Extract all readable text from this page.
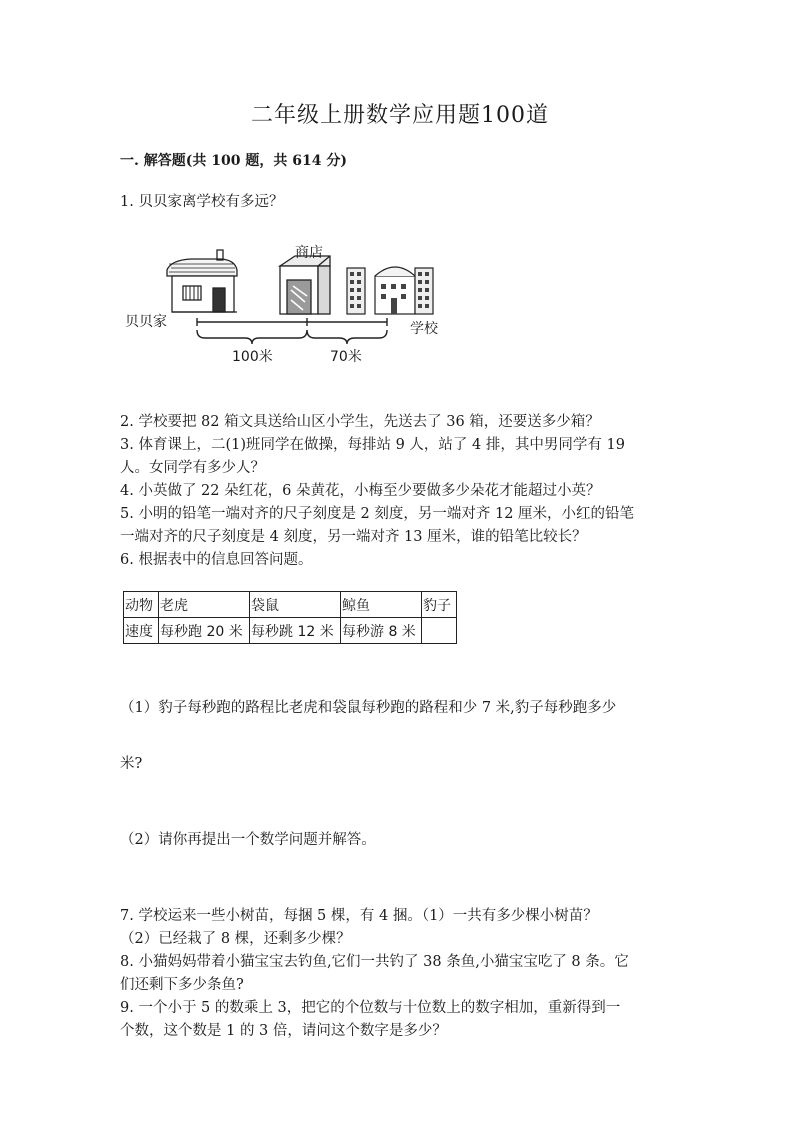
二年级上册数学应用题100道
一. 解答题(共 100 题，共 614 分)
1. 贝贝家离学校有多远？
贝贝家
商店
学校
100米	70米
2. 学校要把 82 箱文具送给山区小学生，先送去了 36 箱，还要送多少箱？
3. 体育课上，二(1)班同学在做操，每排站 9 人，站了 4 排，其中男同学有 19
人。女同学有多少人？
4. 小英做了 22 朵红花，6 朵黄花，小梅至少要做多少朵花才能超过小英？
5. 小明的铅笔一端对齐的尺子刻度是 2 刻度，另一端对齐 12 厘米，小红的铅笔
一端对齐的尺子刻度是 4 刻度，另一端对齐 13 厘米，谁的铅笔比较长？
6. 根据表中的信息回答问题。
动物	老虎	袋鼠	鲸鱼	豹子
速度	每秒跑 20 米	每秒跳 12 米	每秒游 8 米	
（1）豹子每秒跑的路程比老虎和袋鼠每秒跑的路程和少 7 米,豹子每秒跑多少
米?
（2）请你再提出一个数学问题并解答。
7. 学校运来一些小树苗，每捆 5 棵，有 4 捆。（1）一共有多少棵小树苗？
（2）已经栽了 8 棵，还剩多少棵？
8. 小猫妈妈带着小猫宝宝去钓鱼,它们一共钓了 38 条鱼,小猫宝宝吃了 8 条。它
们还剩下多少条鱼?
9. 一个小于 5 的数乘上 3，把它的个位数与十位数上的数字相加，重新得到一
个数，这个数是 1 的 3 倍，请问这个数字是多少？
